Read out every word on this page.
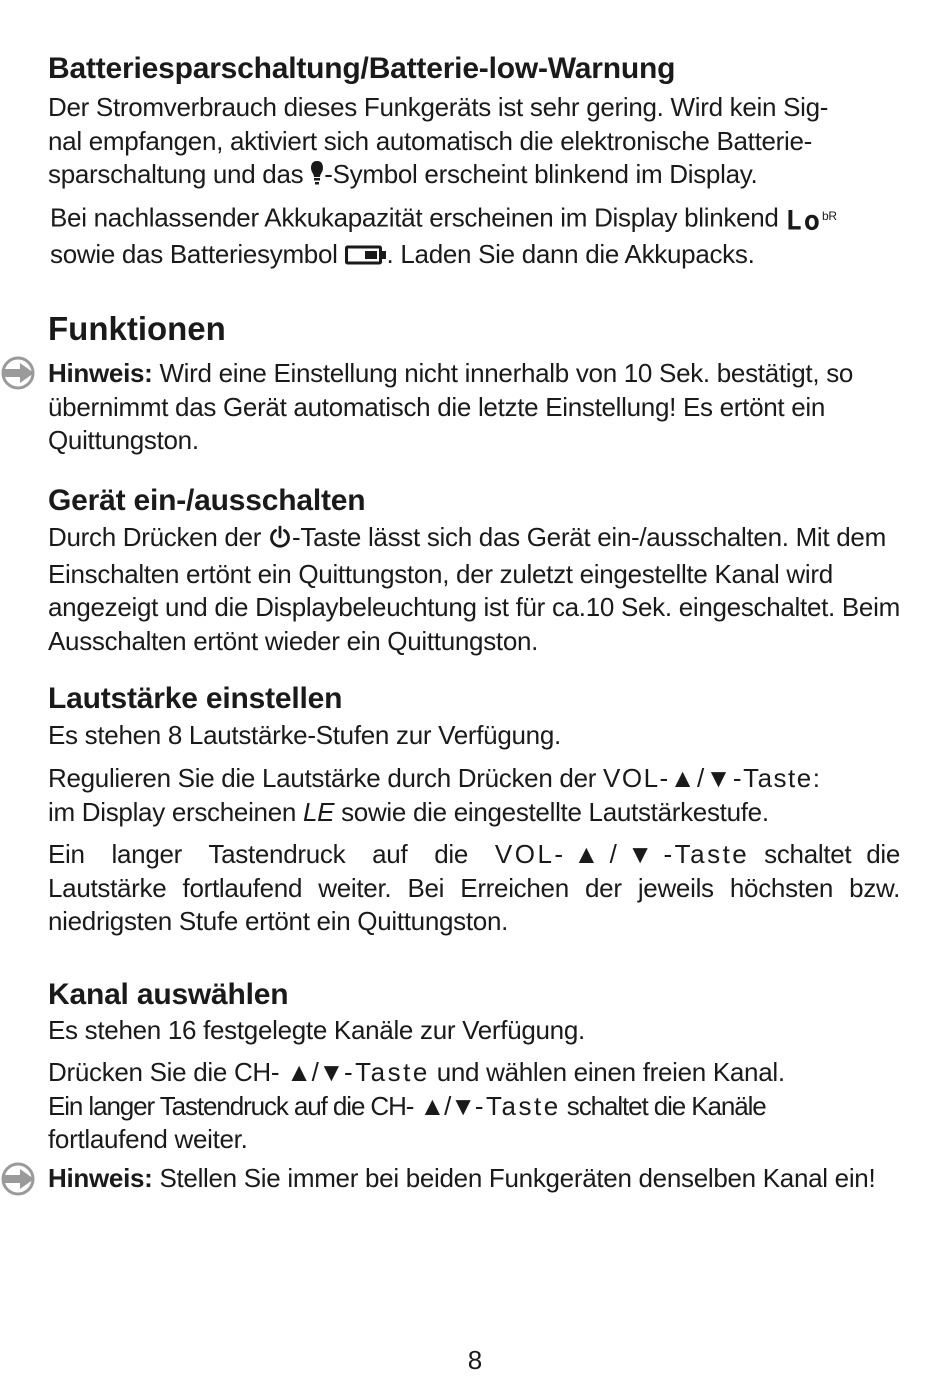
Batteriesparschaltung/Batterie-low-Warnung

Der Stromverbrauch dieses Funkgeräts ist sehr gering. Wird kein Sig-
nal empfangen, aktiviert sich automatisch die elektronische Batterie-
sparschaltung und das -Symbol erscheint blinkend im Display.

Bei nachlassender Akkukapazität erscheinen im Display blinkend $Lo^{bR}$
sowie das Batteriesymbol . Laden Sie dann die Akkupacks.

Funktionen

Hinweis: Wird eine Einstellung nicht innerhalb von 10 Sek. bestätigt, so übernimmt das Gerät automatisch die letzte Einstellung! Es ertönt ein Quittungston.

Gerät ein-/ausschalten

Durch Drücken der -Taste lässt sich das Gerät ein-/ausschalten. Mit dem Einschalten ertönt ein Quittungston, der zuletzt eingestellte Kanal wird angezeigt und die Displaybeleuchtung ist für ca.10 Sek. eingeschaltet. Beim Ausschalten ertönt wieder ein Quittungston.

Lautstärke einstellen

Es stehen 8 Lautstärke-Stufen zur Verfügung.

Regulieren Sie die Lautstärke durch Drücken der VOL-▲/▼-Taste:
im Display erscheinen LE sowie die eingestellte Lautstärkestufe.

Ein langer Tastendruck auf die VOL-▲/▼-Taste schaltet die Lautstärke fortlaufend weiter. Bei Erreichen der jeweils höchsten bzw. niedrigsten Stufe ertönt ein Quittungston.

Kanal auswählen

Es stehen 16 festgelegte Kanäle zur Verfügung.

Drücken Sie die CH- ▲/▼-Taste und wählen einen freien Kanal.
Ein langer Tastendruck auf die CH- ▲/▼-Taste schaltet die Kanäle
fortlaufend weiter.

Hinweis: Stellen Sie immer bei beiden Funkgeräten denselben Kanal ein!

8
